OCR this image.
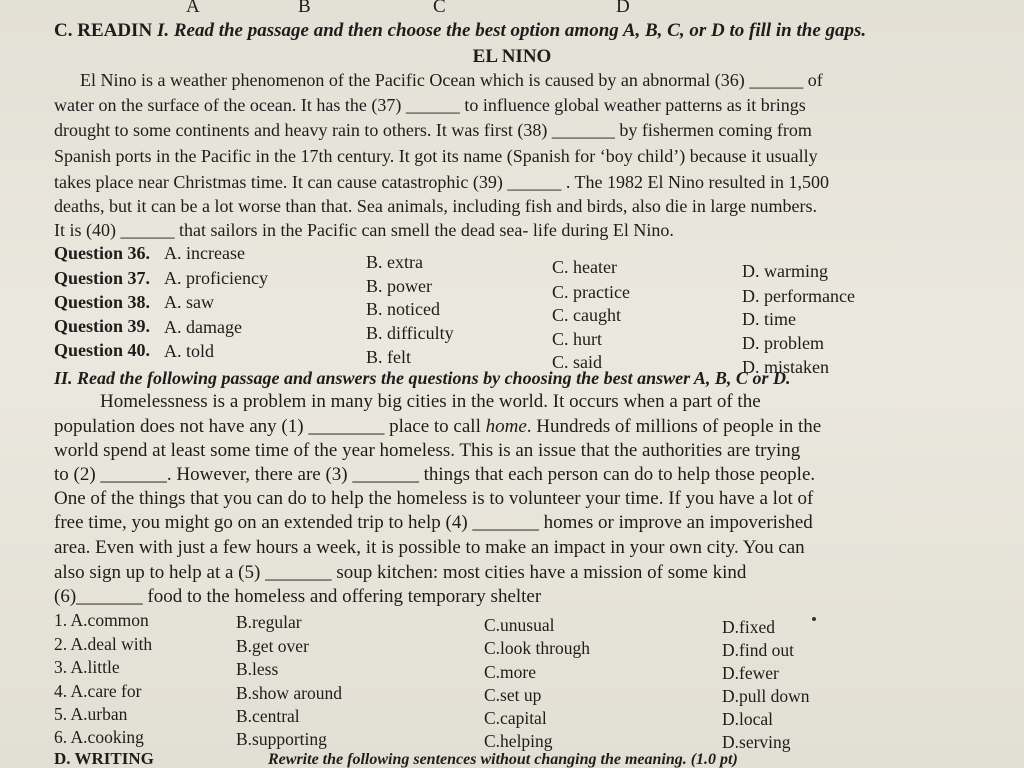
A	B	C	D
C. READIN I. Read the passage and then choose the best option among A, B, C, or D to fill in the gaps.
EL NINO
El Nino is a weather phenomenon of the Pacific Ocean which is caused by an abnormal (36) ______ of
water on the surface of the ocean. It has the (37) ______ to influence global weather patterns as it brings
drought to some continents and heavy rain to others. It was first (38) _______ by fishermen coming from
Spanish ports in the Pacific in the 17th century. It got its name (Spanish for ‘boy child’) because it usually
takes place near Christmas time. It can cause catastrophic (39) ______ . The 1982 El Nino resulted in 1,500
deaths, but it can be a lot worse than that. Sea animals, including fish and birds, also die in large numbers.
It is (40) ______ that sailors in the Pacific can smell the dead sea- life during El Nino.
Question 36. A. increase	B. extra	C. heater	D. warming
Question 37. A. proficiency	B. power	C. practice	D. performance
Question 38. A. saw	B. noticed	C. caught	D. time
Question 39. A. damage	B. difficulty	C. hurt	D. problem
Question 40. A. told	B. felt	C. said	D. mistaken
II. Read the following passage and answers the questions by choosing the best answer A, B, C or D.
Homelessness is a problem in many big cities in the world. It occurs when a part of the
population does not have any (1) ________ place to call home. Hundreds of millions of people in the
world spend at least some time of the year homeless. This is an issue that the authorities are trying
to (2) _______. However, there are (3) _______ things that each person can do to help those people.
One of the things that you can do to help the homeless is to volunteer your time. If you have a lot of
free time, you might go on an extended trip to help (4) _______ homes or improve an impoverished
area. Even with just a few hours a week, it is possible to make an impact in your own city. You can
also sign up to help at a (5) _______ soup kitchen: most cities have a mission of some kind
(6)_______ food to the homeless and offering temporary shelter
1. A.common	B.regular	C.unusual	D.fixed
2. A.deal with	B.get over	C.look through	D.find out
3. A.little	B.less	C.more	D.fewer
4. A.care for	B.show around	C.set up	D.pull down
5. A.urban	B.central	C.capital	D.local
6. A.cooking	B.supporting	C.helping	D.serving
D. WRITING	Rewrite the following sentences without changing the meaning. (1.0 pt)
